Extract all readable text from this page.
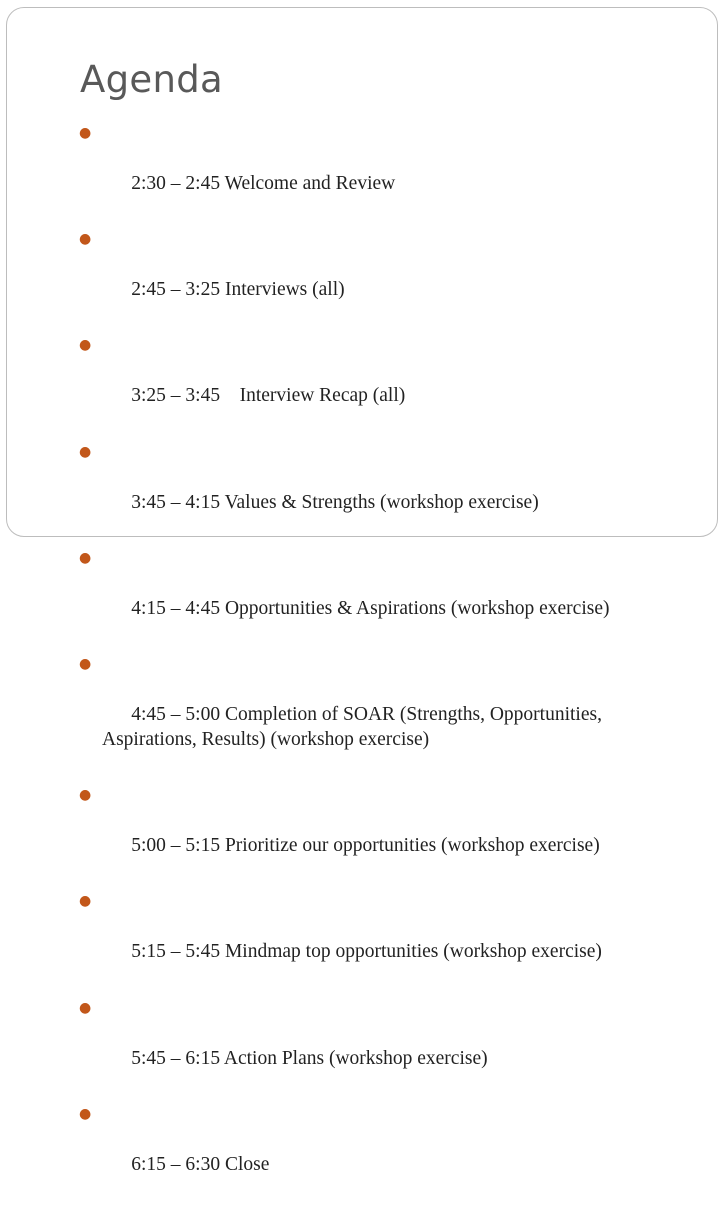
Agenda

●

2:30 – 2:45 Welcome and Review

●

2:45 – 3:25 Interviews (all)

●

3:25 – 3:45    Interview Recap (all)

●

3:45 – 4:15 Values & Strengths (workshop exercise)

●

4:15 – 4:45 Opportunities & Aspirations (workshop exercise)

●

4:45 – 5:00 Completion of SOAR (Strengths, Opportunities, Aspirations, Results) (workshop exercise)

●

5:00 – 5:15 Prioritize our opportunities (workshop exercise)

●

5:15 – 5:45 Mindmap top opportunities (workshop exercise)

●

5:45 – 6:15 Action Plans (workshop exercise)

●

6:15 – 6:30 Close
